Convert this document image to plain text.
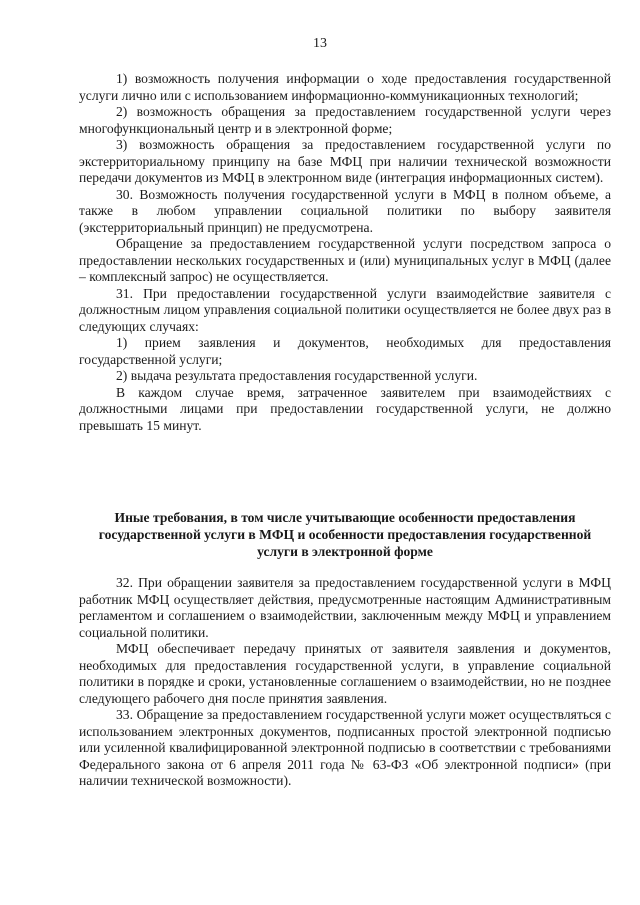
13

1) возможность получения информации о ходе предоставления государственной услуги лично или с использованием информационно-коммуникационных технологий;

2) возможность обращения за предоставлением государственной услуги через многофункциональный центр и в электронной форме;

3) возможность обращения за предоставлением государственной услуги по экстерриториальному принципу на базе МФЦ при наличии технической возможности передачи документов из МФЦ в электронном виде (интеграция информационных систем).

30. Возможность получения государственной услуги в МФЦ в полном объеме, а также в любом управлении социальной политики по выбору заявителя (экстерриториальный принцип) не предусмотрена.

Обращение за предоставлением государственной услуги посредством запроса о предоставлении нескольких государственных и (или) муниципальных услуг в МФЦ (далее – комплексный запрос) не осуществляется.

31. При предоставлении государственной услуги взаимодействие заявителя с должностным лицом управления социальной политики осуществляется не более двух раз в следующих случаях:

1) прием заявления и документов, необходимых для предоставления государственной услуги;

2) выдача результата предоставления государственной услуги.

В каждом случае время, затраченное заявителем при взаимодействиях с должностными лицами при предоставлении государственной услуги, не должно превышать 15 минут.

Иные требования, в том числе учитывающие особенности предоставления государственной услуги в МФЦ и особенности предоставления государственной услуги в электронной форме

32. При обращении заявителя за предоставлением государственной услуги в МФЦ работник МФЦ осуществляет действия, предусмотренные настоящим Административным регламентом и соглашением о взаимодействии, заключенным между МФЦ и управлением социальной политики.

МФЦ обеспечивает передачу принятых от заявителя заявления и документов, необходимых для предоставления государственной услуги, в управление социальной политики в порядке и сроки, установленные соглашением о взаимодействии, но не позднее следующего рабочего дня после принятия заявления.

33. Обращение за предоставлением государственной услуги может осуществляться с использованием электронных документов, подписанных простой электронной подписью или усиленной квалифицированной электронной подписью в соответствии с требованиями Федерального закона от 6 апреля 2011 года № 63-ФЗ «Об электронной подписи» (при наличии технической возможности).
